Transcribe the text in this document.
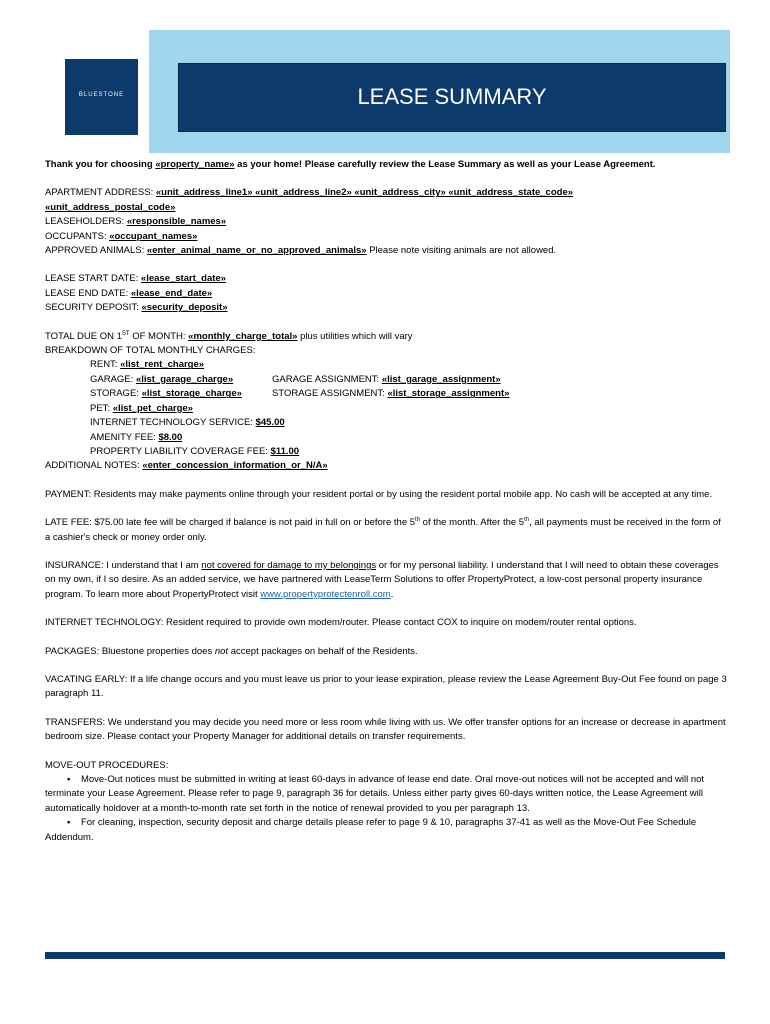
BLUESTONE	LEASE SUMMARY

Thank you for choosing «property_name» as your home! Please carefully review the Lease Summary as well as your Lease Agreement.

APARTMENT ADDRESS: «unit_address_line1» «unit_address_line2» «unit_address_city» «unit_address_state_code»

«unit_address_postal_code»

LEASEHOLDERS: «responsible_names»

OCCUPANTS: «occupant_names»

APPROVED ANIMALS: «enter_animal_name_or_no_approved_animals» Please note visiting animals are not allowed.

LEASE START DATE: «lease_start_date»

LEASE END DATE: «lease_end_date»

SECURITY DEPOSIT: «security_deposit»

TOTAL DUE ON 1ST OF MONTH: «monthly_charge_total» plus utilities which will vary

BREAKDOWN OF TOTAL MONTHLY CHARGES:

RENT: «list_rent_charge»

GARAGE: «list_garage_charge»	GARAGE ASSIGNMENT: «list_garage_assignment»
STORAGE: «list_storage_charge»	STORAGE ASSIGNMENT: «list_storage_assignment»

PET: «list_pet_charge»

INTERNET TECHNOLOGY SERVICE: $45.00

AMENITY FEE: $8.00

PROPERTY LIABILITY COVERAGE FEE: $11.00

ADDITIONAL NOTES: «enter_concession_information_or_N/A»

PAYMENT: Residents may make payments online through your resident portal or by using the resident portal mobile app. No cash will be accepted at any time.

LATE FEE: $75.00 late fee will be charged if balance is not paid in full on or before the 5th of the month. After the 5th, all payments must be received in the form of a cashier's check or money order only.

INSURANCE: I understand that I am not covered for damage to my belongings or for my personal liability. I understand that I will need to obtain these coverages on my own, if I so desire. As an added service, we have partnered with LeaseTerm Solutions to offer PropertyProtect, a low-cost personal property insurance program. To learn more about PropertyProtect visit www.propertyprotectenroll.com.

INTERNET TECHNOLOGY: Resident required to provide own modem/router. Please contact COX to inquire on modem/router rental options.

PACKAGES: Bluestone properties does not accept packages on behalf of the Residents.

VACATING EARLY: If a life change occurs and you must leave us prior to your lease expiration, please review the Lease Agreement Buy-Out Fee found on page 3 paragraph 11.

TRANSFERS: We understand you may decide you need more or less room while living with us. We offer transfer options for an increase or decrease in apartment bedroom size. Please contact your Property Manager for additional details on transfer requirements.

MOVE-OUT PROCEDURES:

▪    Move-Out notices must be submitted in writing at least 60-days in advance of lease end date. Oral move-out notices will not be accepted and will not terminate your Lease Agreement. Please refer to page 9, paragraph 36 for details. Unless either party gives 60-days written notice, the Lease Agreement will automatically holdover at a month-to-month rate set forth in the notice of renewal provided to you per paragraph 13.

▪    For cleaning, inspection, security deposit and charge details please refer to page 9 & 10, paragraphs 37-41 as well as the Move-Out Fee Schedule Addendum.
